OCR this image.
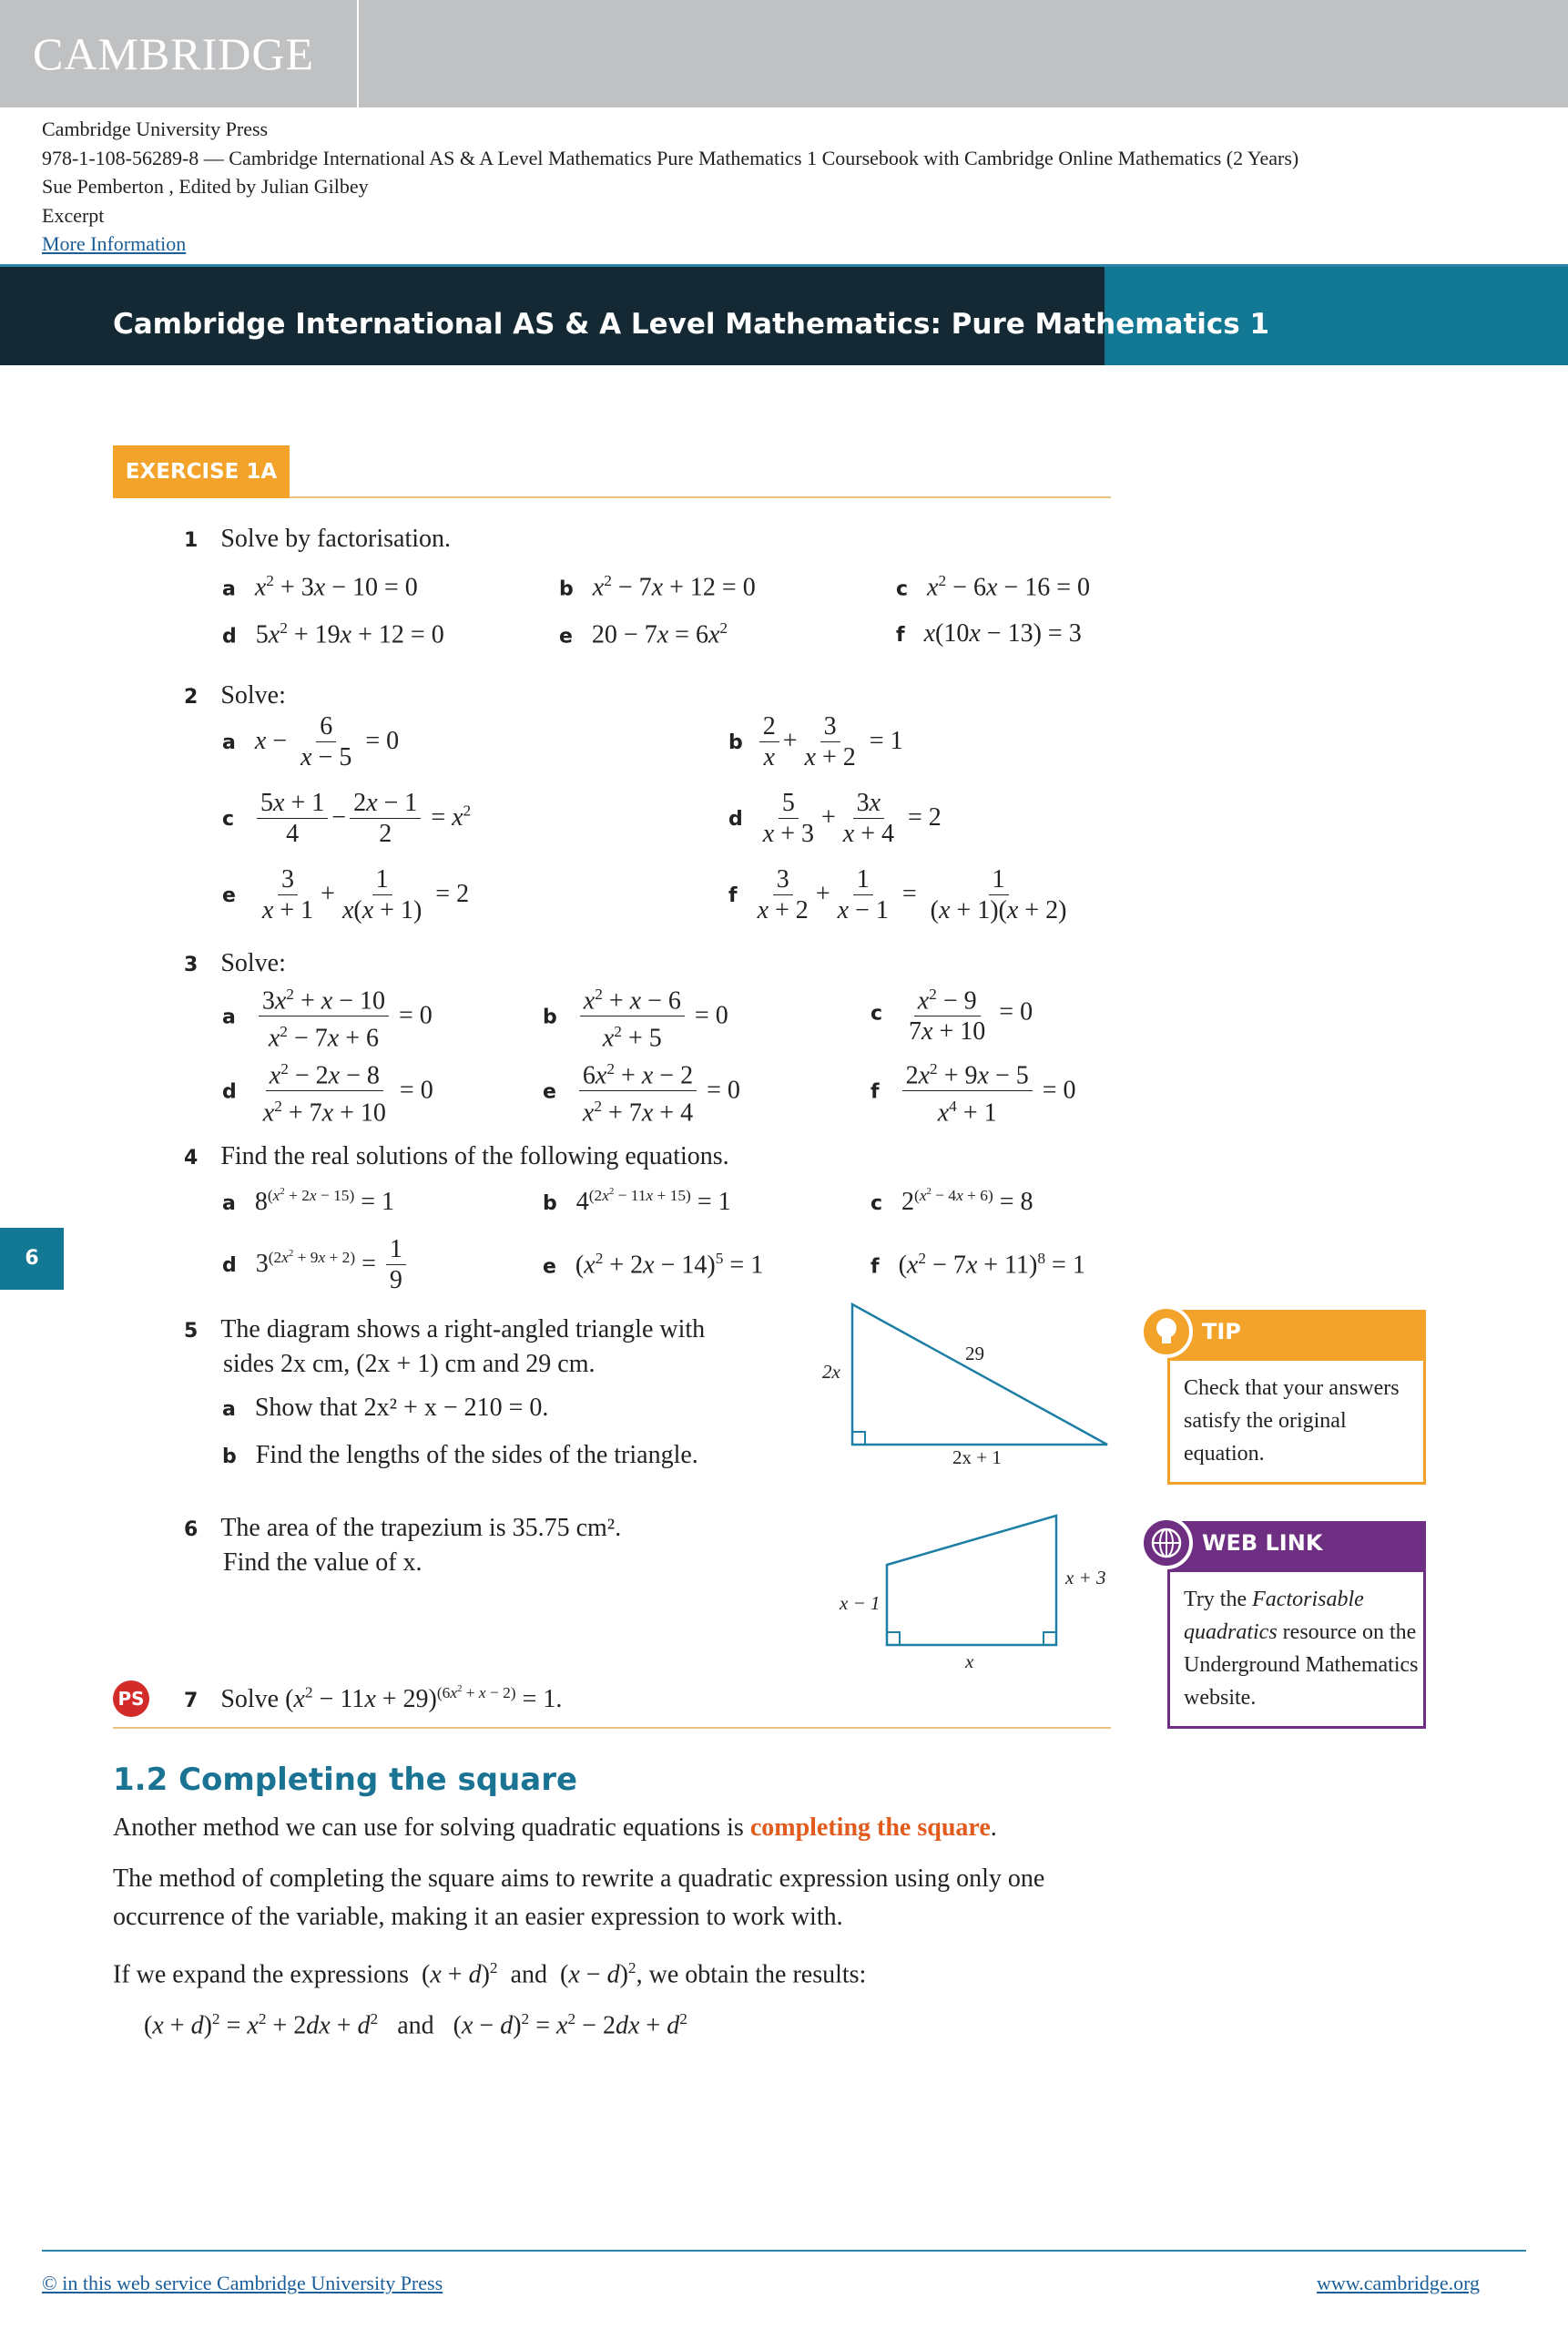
CAMBRIDGE
Cambridge University Press
978-1-108-56289-8 — Cambridge International AS & A Level Mathematics Pure Mathematics 1 Coursebook with Cambridge Online Mathematics (2 Years)
Sue Pemberton , Edited by Julian Gilbey
Excerpt
More Information
Cambridge International AS & A Level Mathematics: Pure Mathematics 1
EXERCISE 1A
1 Solve by factorisation.
a $x^2 + 3x - 10 = 0$	b $x^2 - 7x + 12 = 0$	c $x^2 - 6x - 16 = 0$
d   $5x^2 + 19x + 12 = 0$	e   $20 - 7x = 6x^2$	f x(10x − 13) = 3
2 Solve:
a $x - \frac{6}{x - 5} = 0$	b $\frac{2}{x} + \frac{3}{x + 2} = 1$
c $\frac{5x + 1}{4} - \frac{2x - 1}{2} = x^2$	d $\frac{5}{x + 3} + \frac{3x}{x + 4} = 2$
e $\frac{3}{x + 1} + \frac{1}{x(x + 1)} = 2$	f $\frac{3}{x + 2} + \frac{1}{x - 1} = \frac{1}{(x + 1)(x + 2)}$
3 Solve:
a $\frac{3x^2 + x - 10}{x^2 - 7x + 6} = 0$	b $\frac{x^2 + x - 6}{x^2 + 5} = 0$	c $\frac{x^2 - 9}{7x + 10} = 0$
d $\frac{x^2 - 2x - 8}{x^2 + 7x + 10} = 0$	e $\frac{6x^2 + x - 2}{x^2 + 7x + 4} = 0$	f $\frac{2x^2 + 9x - 5}{x^4 + 1} = 0$
4 Find the real solutions of the following equations.
a   $8^{(x^2 + 2x - 15)} = 1$	b   $4^{(2x^2 - 11x + 15)} = 1$	c   $2^{(x^2 - 4x + 6)} = 8$
d   $3^{(2x^2 + 9x + 2)} = \frac{1}{9}$	e   $(x^2 + 2x - 14)^5 = 1$	f   $(x^2 - 7x + 11)^8 = 1$
6
5 The diagram shows a right-angled triangle with
sides 2x cm, (2x + 1) cm and 29 cm.
a Show that 2x² + x − 210 = 0.
b Find the lengths of the sides of the triangle.
2x
29
2x + 1
6 The area of the trapezium is 35.75 cm².
Find the value of x.
x − 1
x + 3
x
PS 7 Solve $(x^2 - 11x + 29)^{(6x^2 + x - 2)} = 1$.
TIP
Check that your answers satisfy the original equation.
WEB LINK
Try the Factorisable quadratics resource on the Underground Mathematics website.
1.2 Completing the square
Another method we can use for solving quadratic equations is completing the square.
The method of completing the square aims to rewrite a quadratic expression using only one occurrence of the variable, making it an easier expression to work with.
If we expand the expressions  $(x + d)^2$ and  $(x - d)^2$, we obtain the results:
$(x + d)^2 = x^2 + 2dx + d^2$ and   $(x - d)^2 = x^2 - 2dx + d^2$
© in this web service Cambridge University Press	www.cambridge.org
